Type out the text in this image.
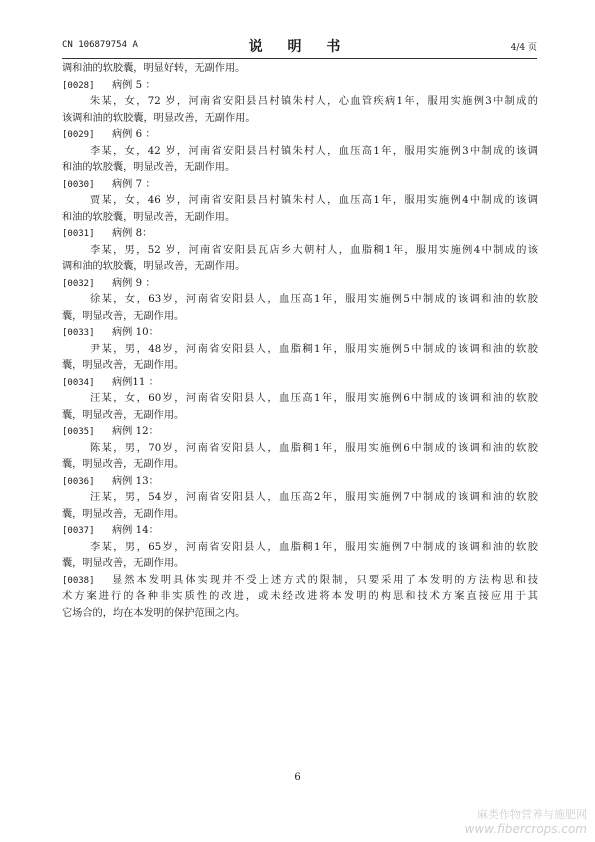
CN 106879754 A	说 明 书	4/4 页
调和油的软胶囊，明显好转，无副作用。
[0028] 病例 5 ：
朱某，女，72 岁，河南省安阳县吕村镇朱村人，心血管疾病1年，服用实施例3中制成的
该调和油的软胶囊，明显改善，无副作用。
[0029] 病例 6 ：
李某，女，42 岁，河南省安阳县吕村镇朱村人，血压高1年，服用实施例3中制成的该调
和油的软胶囊，明显改善，无副作用。
[0030] 病例 7 ：
贾某，女，46 岁，河南省安阳县吕村镇朱村人，血压高1年，服用实施例4中制成的该调
和油的软胶囊，明显改善，无副作用。
[0031] 病例 8：
李某，男，52 岁，河南省安阳县瓦店乡大朝村人，血脂稠1年，服用实施例4中制成的该
调和油的软胶囊，明显改善，无副作用。
[0032] 病例 9 ：
徐某，女，63岁，河南省安阳县人，血压高1年，服用实施例5中制成的该调和油的软胶
囊，明显改善，无副作用。
[0033] 病例 10：
尹某，男，48岁，河南省安阳县人，血脂稠1年，服用实施例5中制成的该调和油的软胶
囊，明显改善，无副作用。
[0034] 病例11 ：
汪某，女，60岁，河南省安阳县人，血压高1年，服用实施例6中制成的该调和油的软胶
囊，明显改善，无副作用。
[0035] 病例 12：
陈某，男，70岁，河南省安阳县人，血脂稠1年，服用实施例6中制成的该调和油的软胶
囊，明显改善，无副作用。
[0036] 病例 13：
汪某，男，54岁，河南省安阳县人，血压高2年，服用实施例7中制成的该调和油的软胶
囊，明显改善，无副作用。
[0037] 病例 14：
李某，男，65岁，河南省安阳县人，血脂稠1年，服用实施例7中制成的该调和油的软胶
囊，明显改善，无副作用。
[0038]	显然本发明具体实现并不受上述方式的限制，只要采用了本发明的方法构思和技
术方案进行的各种非实质性的改进，或未经改进将本发明的构思和技术方案直接应用于其
它场合的，均在本发明的保护范围之内。
6
麻类作物营养与施肥网
www.fibercrops.com
